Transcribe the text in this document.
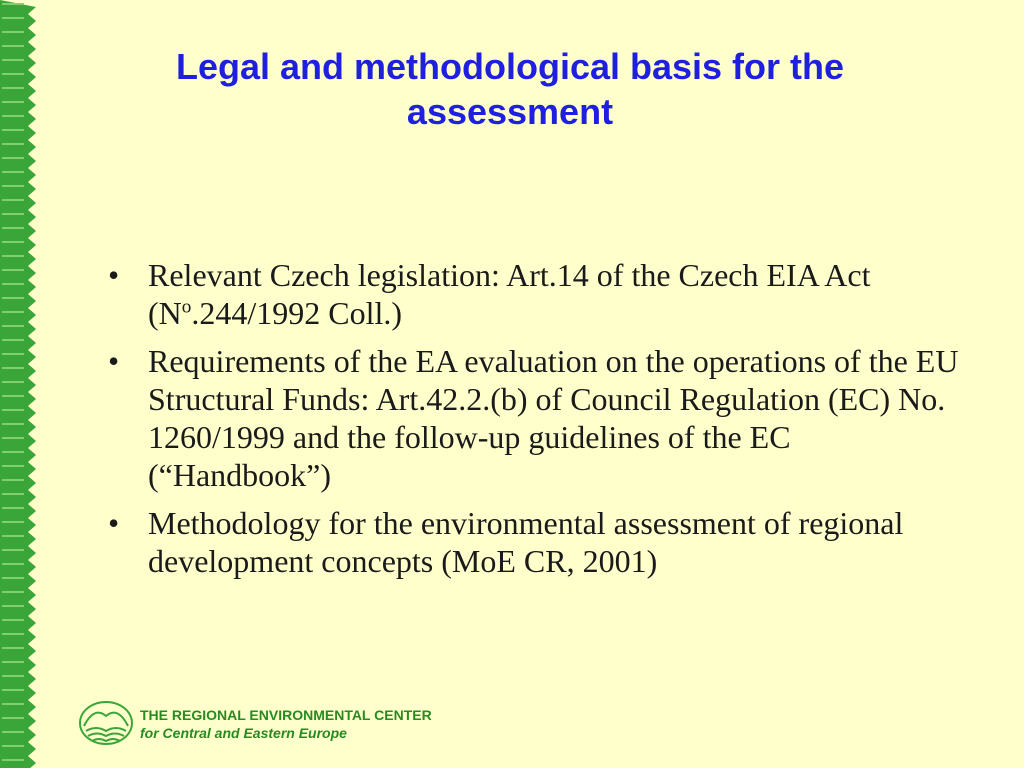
Legal and methodological basis for the assessment
• Relevant Czech legislation: Art.14 of the Czech EIA Act ($N^o.244/1992$ Coll.)
• Requirements of the EA evaluation on the operations of the EU Structural Funds: Art.42.2.(b) of Council Regulation (EC) No. 1260/1999 and the follow-up guidelines of the EC (“Handbook”)
• Methodology for the environmental assessment of regional development concepts (MoE CR, 2001)
THE REGIONAL ENVIRONMENTAL CENTER
for Central and Eastern Europe
